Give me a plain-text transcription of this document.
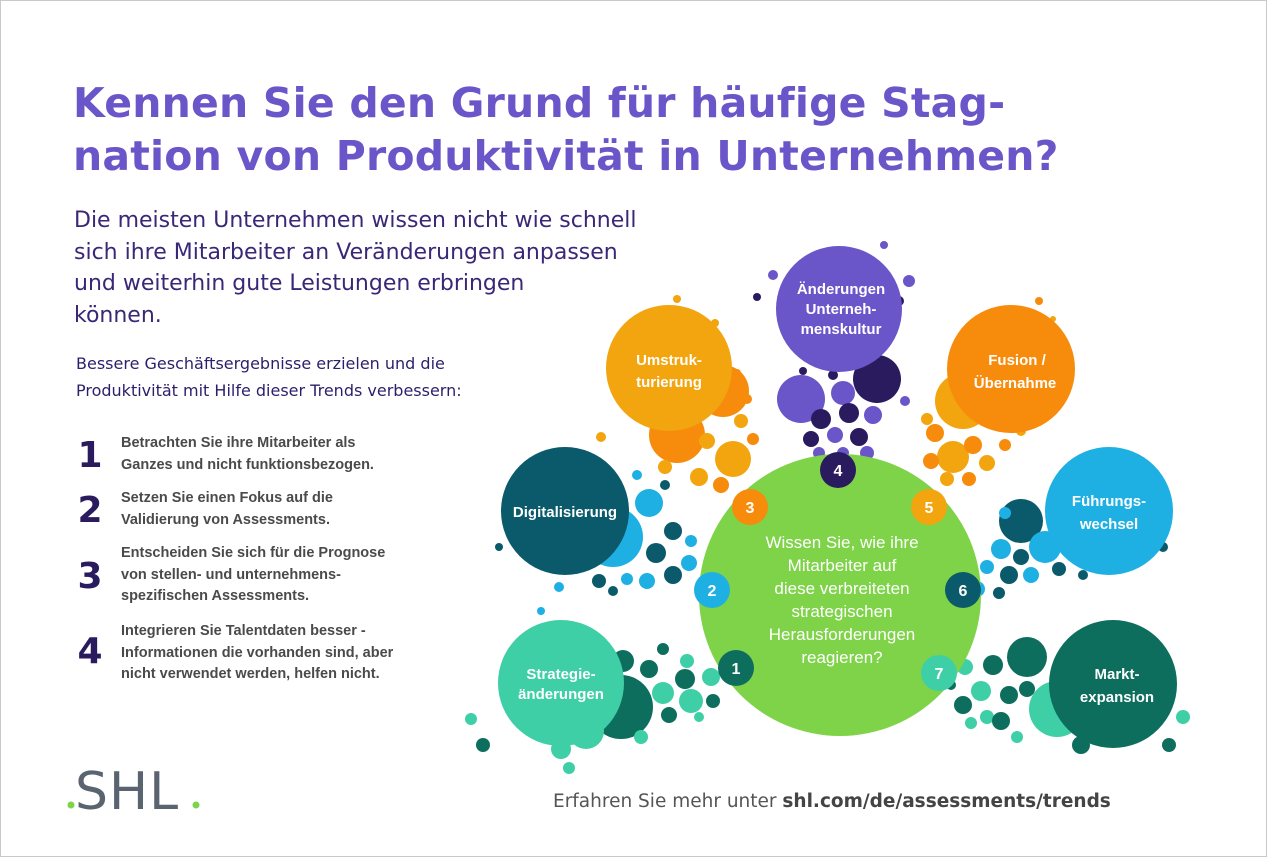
Kennen Sie den Grund für häufige Stag-
nation von Produktivität in Unternehmen?
Die meisten Unternehmen wissen nicht wie schnell
sich ihre Mitarbeiter an Veränderungen anpassen
und weiterhin gute Leistungen erbringen
können.
Bessere Geschäftsergebnisse erzielen und die
Produktivität mit Hilfe dieser Trends verbessern:
1	Betrachten Sie ihre Mitarbeiter als
Ganzes und nicht funktionsbezogen.
2	Setzen Sie einen Fokus auf die
Validierung von Assessments.
3
Entscheiden Sie sich für die Prognose
von stellen- und unternehmens-
spezifischen Assessments.
4	Integrieren Sie Talentdaten besser -
Informationen die vorhanden sind, aber
nicht verwendet werden, helfen nicht.	Strategie-
änderungen
Digitalisierung
Umstruk-
turierung
Änderungen
Unterneh-
menskultur
Fusion /
Übernahme
Führungs-
wechsel
Markt-
expansion
Wissen Sie, wie ihre
Mitarbeiter auf
diese verbreiteten
strategischen
Herausforderungen
reagieren?
1
2
3
4
5
6
7
SHL	Erfahren Sie mehr unter shl.com/de/assessments/trends
